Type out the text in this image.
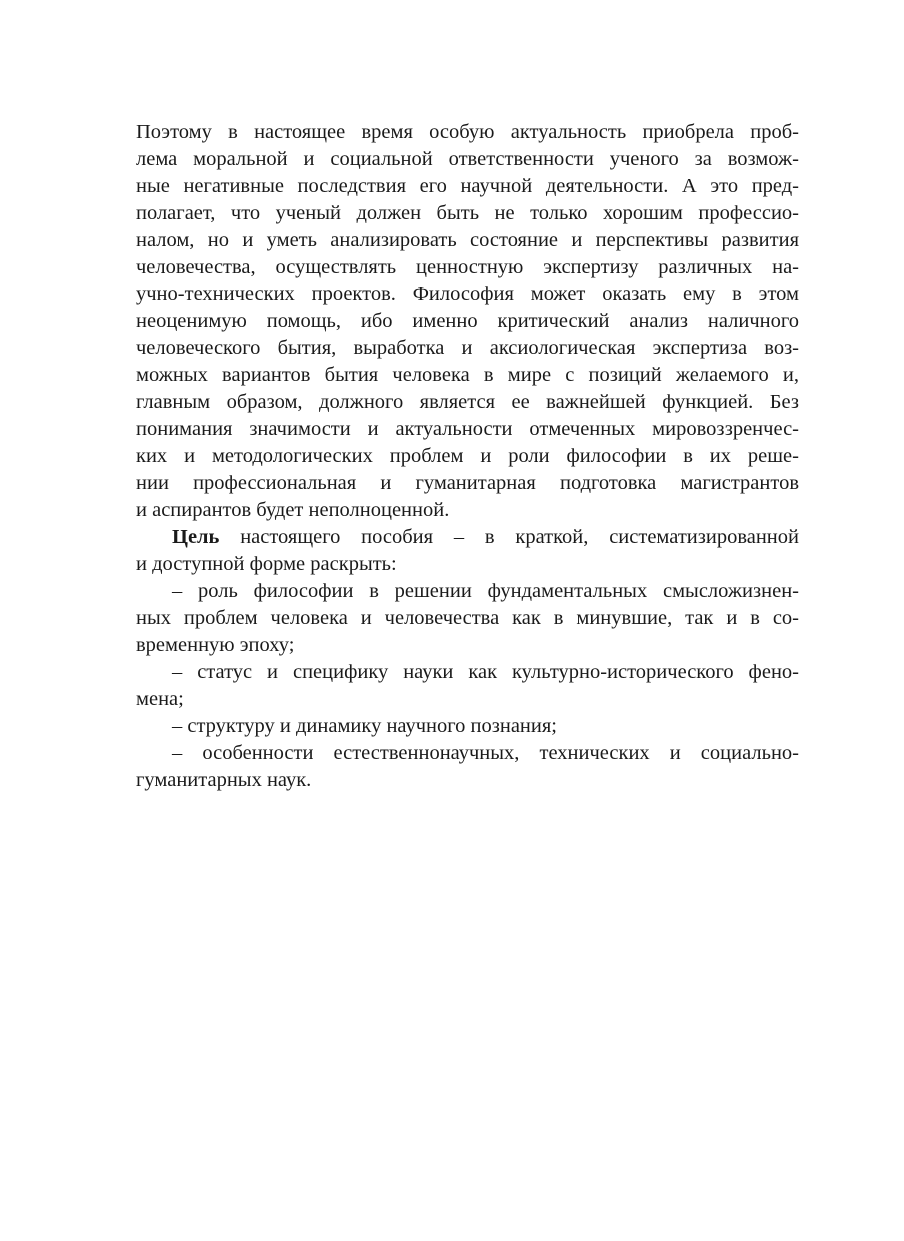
Поэтому в настоящее время особую актуальность приобрела проб-
лема моральной и социальной ответственности ученого за возмож-
ные негативные последствия его научной деятельности. А это пред-
полагает, что ученый должен быть не только хорошим профессио-
налом, но и уметь анализировать состояние и перспективы развития
человечества, осуществлять ценностную экспертизу различных на-
учно-технических проектов. Философия может оказать ему в этом
неоценимую помощь, ибо именно критический анализ наличного
человеческого бытия, выработка и аксиологическая экспертиза воз-
можных вариантов бытия человека в мире с позиций желаемого и,
главным образом, должного является ее важнейшей функцией. Без
понимания значимости и актуальности отмеченных мировоззренчес-
ких и методологических проблем и роли философии в их реше-
нии профессиональная и гуманитарная подготовка магистрантов
и аспирантов будет неполноценной.
Цель настоящего пособия – в краткой, систематизированной
и доступной форме раскрыть:
– роль философии в решении фундаментальных смысложизнен-
ных проблем человека и человечества как в минувшие, так и в со-
временную эпоху;
– статус и специфику науки как культурно-исторического фено-
мена;
– структуру и динамику научного познания;
– особенности естественнонаучных, технических и социально-
гуманитарных наук.
